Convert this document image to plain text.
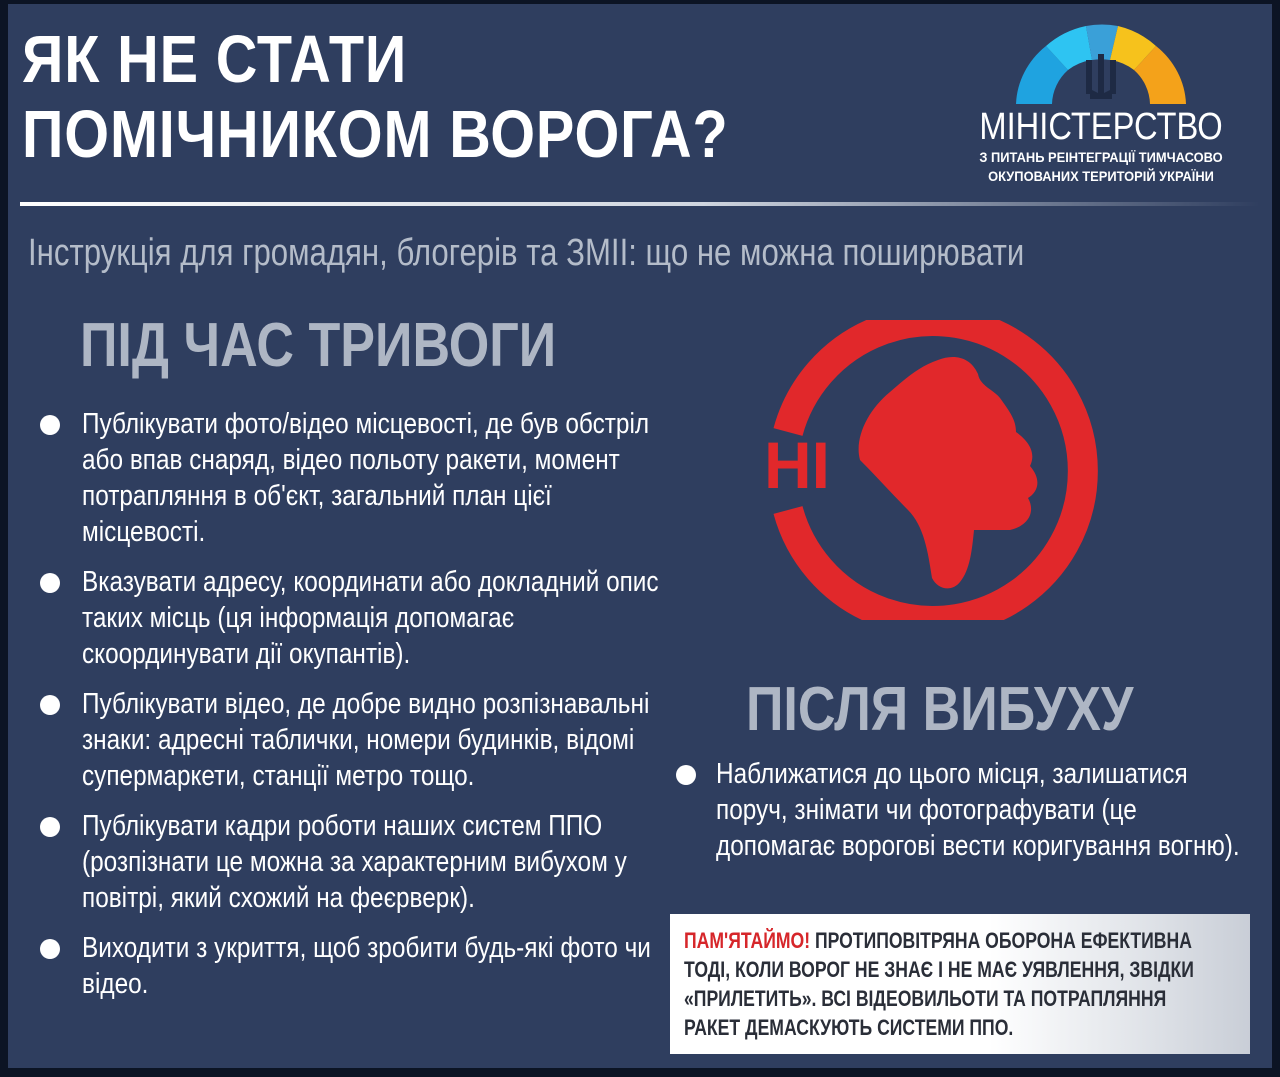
ЯК НЕ СТАТИ
ПОМІЧНИКОМ ВОРОГА?	МІНІСТЕРСТВО
З ПИТАНЬ РЕІНТЕГРАЦІЇ ТИМЧАСОВО
ОКУПОВАНИХ ТЕРИТОРІЙ УКРАЇНИ
Інструкція для громадян, блогерів та ЗМІІ: що не можна поширювати
ПІД ЧАС ТРИВОГИ
Публікувати фото/відео місцевості, де був обстріл або впав снаряд, відео польоту ракети, момент потрапляння в об'єкт, загальний план цієї місцевості.
Вказувати адресу, координати або докладний опис таких місць (ця інформація допомагає скоординувати дії окупантів).
Публікувати відео, де добре видно розпізнавальні знаки: адресні таблички, номери будинків, відомі супермаркети, станції метро тощо.
Публікувати кадри роботи наших систем ППО (розпізнати це можна за характерним вибухом у повітрі, який схожий на феєрверк).
Виходити з укриття, щоб зробити будь-які фото чи відео.
НІ
ПІСЛЯ ВИБУХУ
Наближатися до цього місця, залишатися поруч, знімати чи фотографувати (це допомагає ворогові вести коригування вогню).
ПАМ'ЯТАЙМО! ПРОТИПОВІТРЯНА ОБОРОНА ЕФЕКТИВНА ТОДІ, КОЛИ ВОРОГ НЕ ЗНАЄ І НЕ МАЄ УЯВЛЕННЯ, ЗВІДКИ «ПРИЛЕТИТЬ». ВСІ ВІДЕОВИЛЬОТИ ТА ПОТРАПЛЯННЯ РАКЕТ ДЕМАСКУЮТЬ СИСТЕМИ ППО.
